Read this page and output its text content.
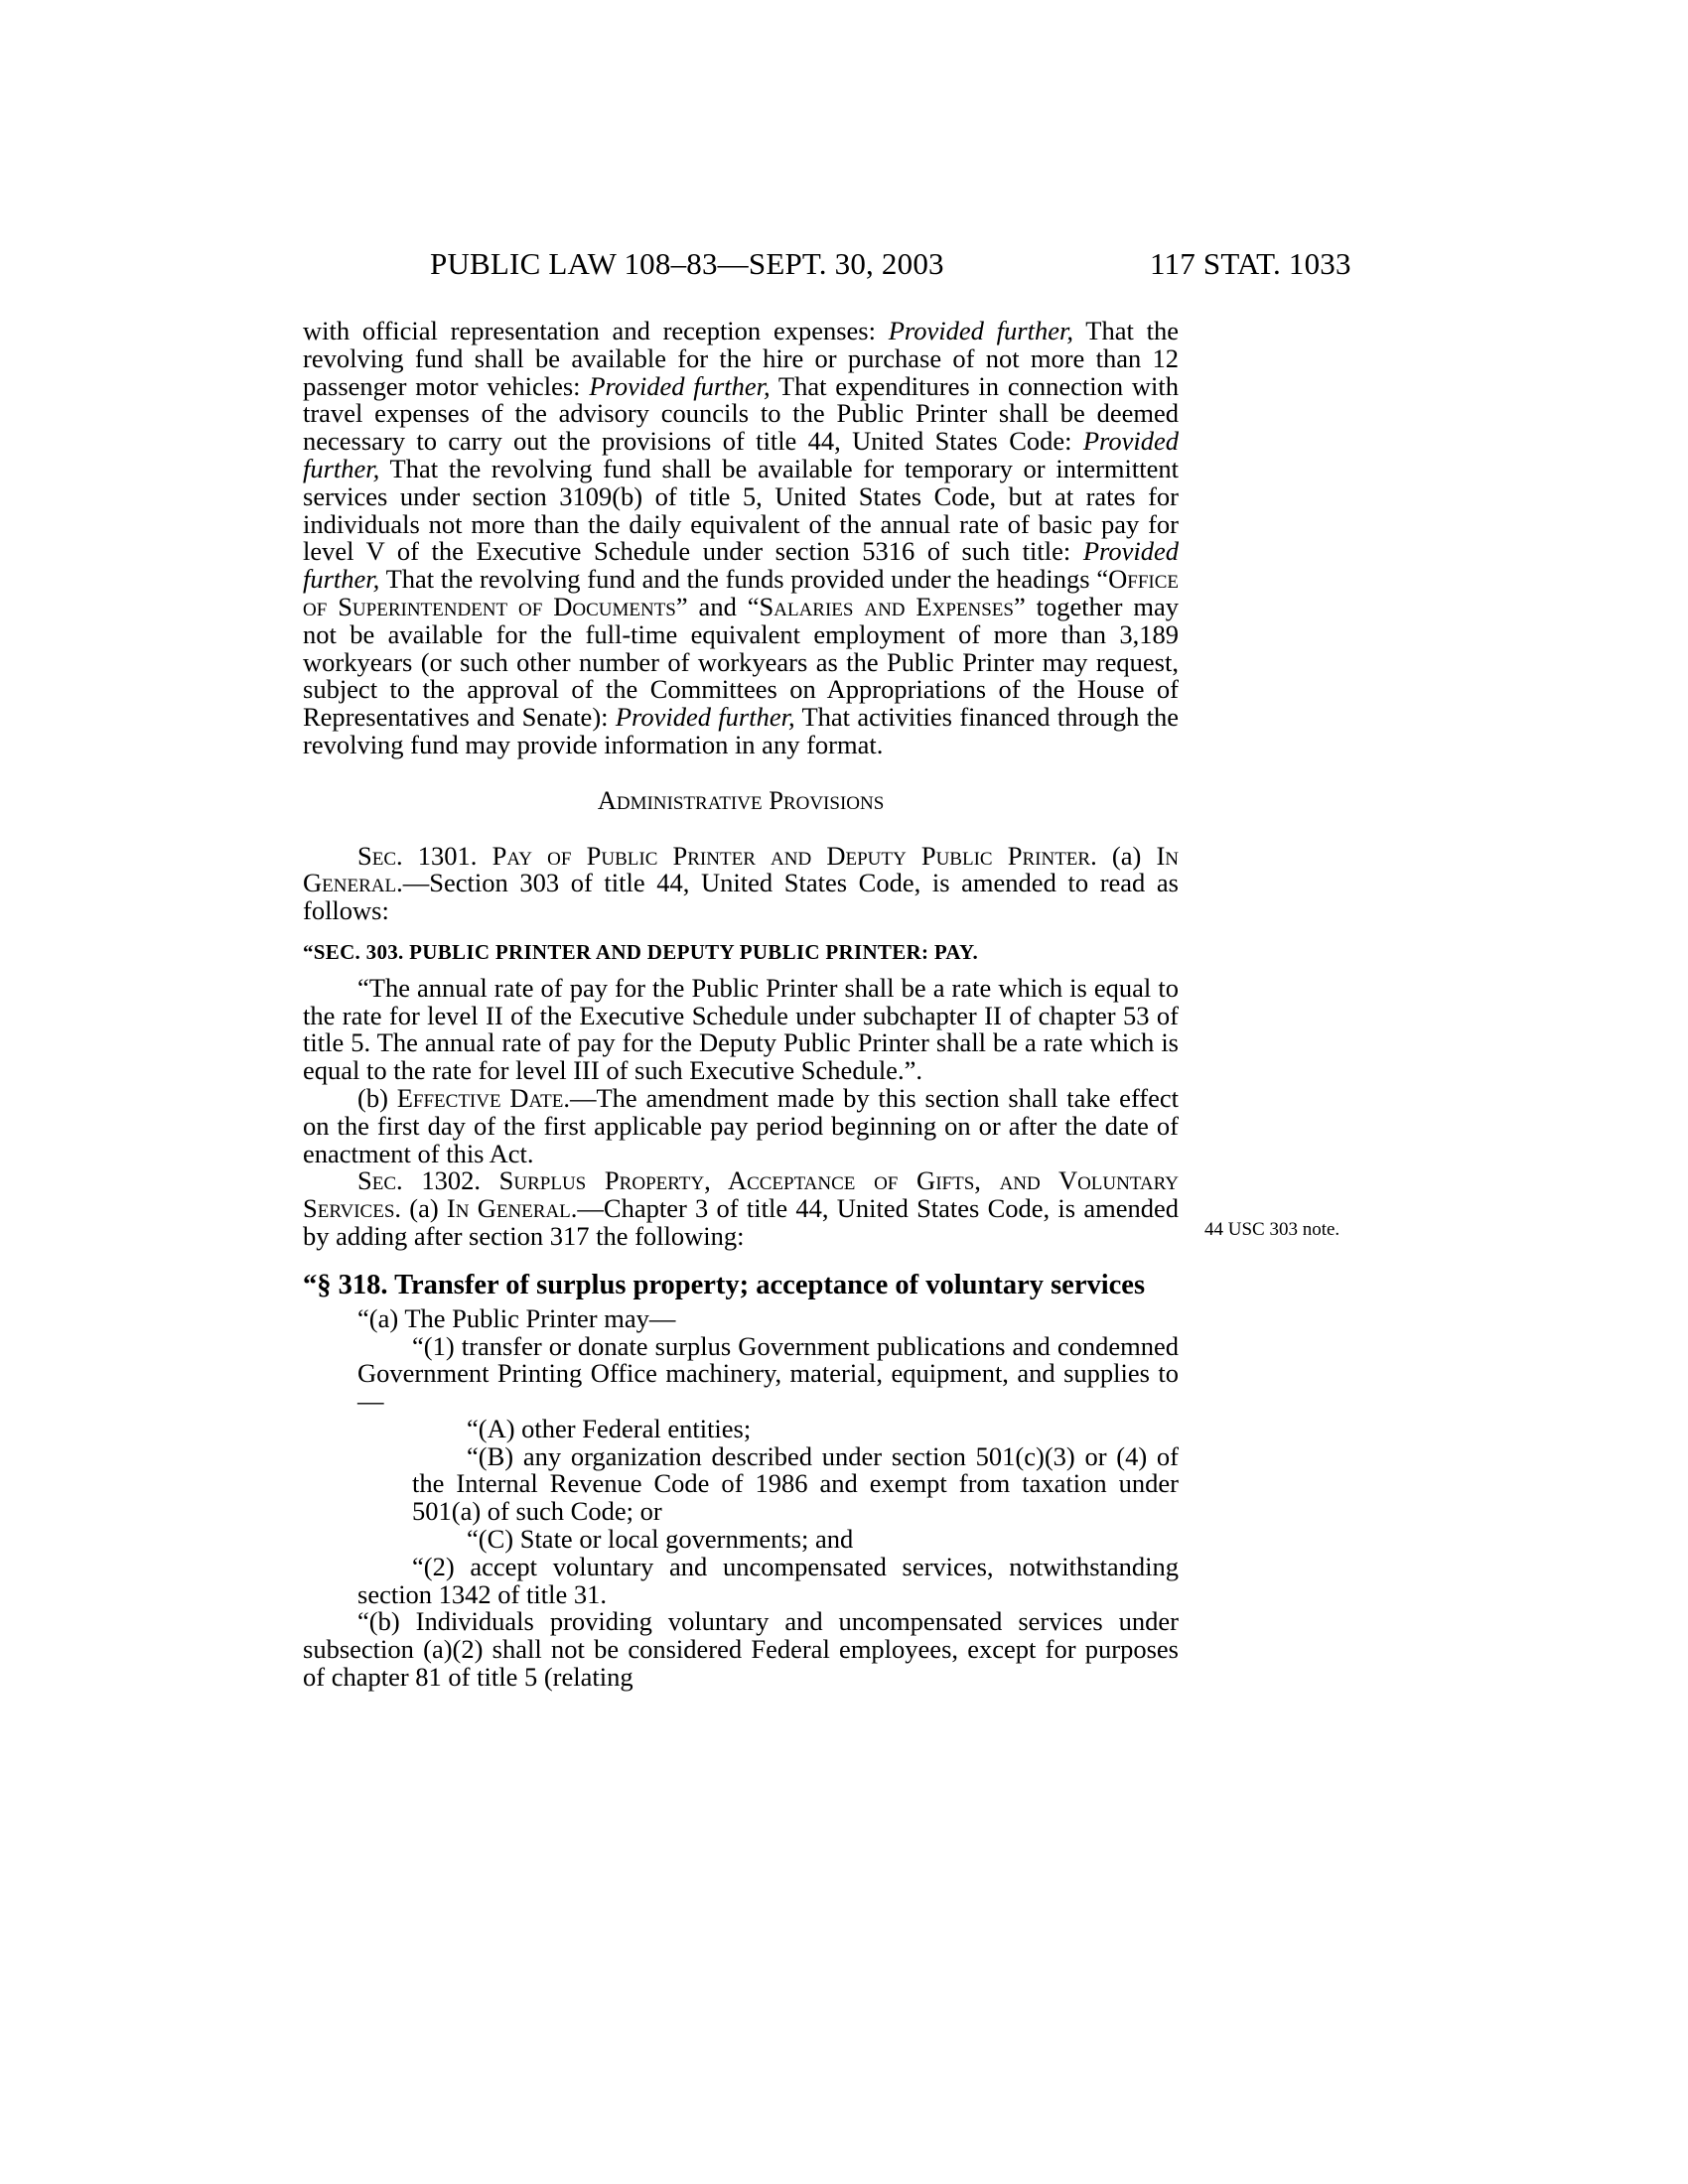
PUBLIC LAW 108–83—SEPT. 30, 2003	117 STAT. 1033

with official representation and reception expenses: Provided further, That the revolving fund shall be available for the hire or purchase of not more than 12 passenger motor vehicles: Provided further, That expenditures in connection with travel expenses of the advisory councils to the Public Printer shall be deemed necessary to carry out the provisions of title 44, United States Code: Provided further, That the revolving fund shall be available for temporary or intermittent services under section 3109(b) of title 5, United States Code, but at rates for individuals not more than the daily equivalent of the annual rate of basic pay for level V of the Executive Schedule under section 5316 of such title: Provided further, That the revolving fund and the funds provided under the headings “Office of Superintendent of Documents” and “Salaries and Expenses” together may not be available for the full-time equivalent employment of more than 3,189 workyears (or such other number of workyears as the Public Printer may request, subject to the approval of the Committees on Appropriations of the House of Representatives and Senate): Provided further, That activities financed through the revolving fund may provide information in any format.

Administrative Provisions

Sec. 1301. Pay of Public Printer and Deputy Public Printer. (a) In General.—Section 303 of title 44, United States Code, is amended to read as follows:

“SEC. 303. PUBLIC PRINTER AND DEPUTY PUBLIC PRINTER: PAY.

“The annual rate of pay for the Public Printer shall be a rate which is equal to the rate for level II of the Executive Schedule under subchapter II of chapter 53 of title 5. The annual rate of pay for the Deputy Public Printer shall be a rate which is equal to the rate for level III of such Executive Schedule.”.

(b) Effective Date.—The amendment made by this section shall take effect on the first day of the first applicable pay period beginning on or after the date of enactment of this Act.

Sec. 1302. Surplus Property, Acceptance of Gifts, and Voluntary Services. (a) In General.—Chapter 3 of title 44, United States Code, is amended by adding after section 317 the following:

“§ 318. Transfer of surplus property; acceptance of voluntary services

“(a) The Public Printer may—

“(1) transfer or donate surplus Government publications and condemned Government Printing Office machinery, material, equipment, and supplies to—

“(A) other Federal entities;

“(B) any organization described under section 501(c)(3) or (4) of the Internal Revenue Code of 1986 and exempt from taxation under 501(a) of such Code; or

“(C) State or local governments; and

“(2) accept voluntary and uncompensated services, notwithstanding section 1342 of title 31.

“(b) Individuals providing voluntary and uncompensated services under subsection (a)(2) shall not be considered Federal employees, except for purposes of chapter 81 of title 5 (relating

44 USC 303 note.
